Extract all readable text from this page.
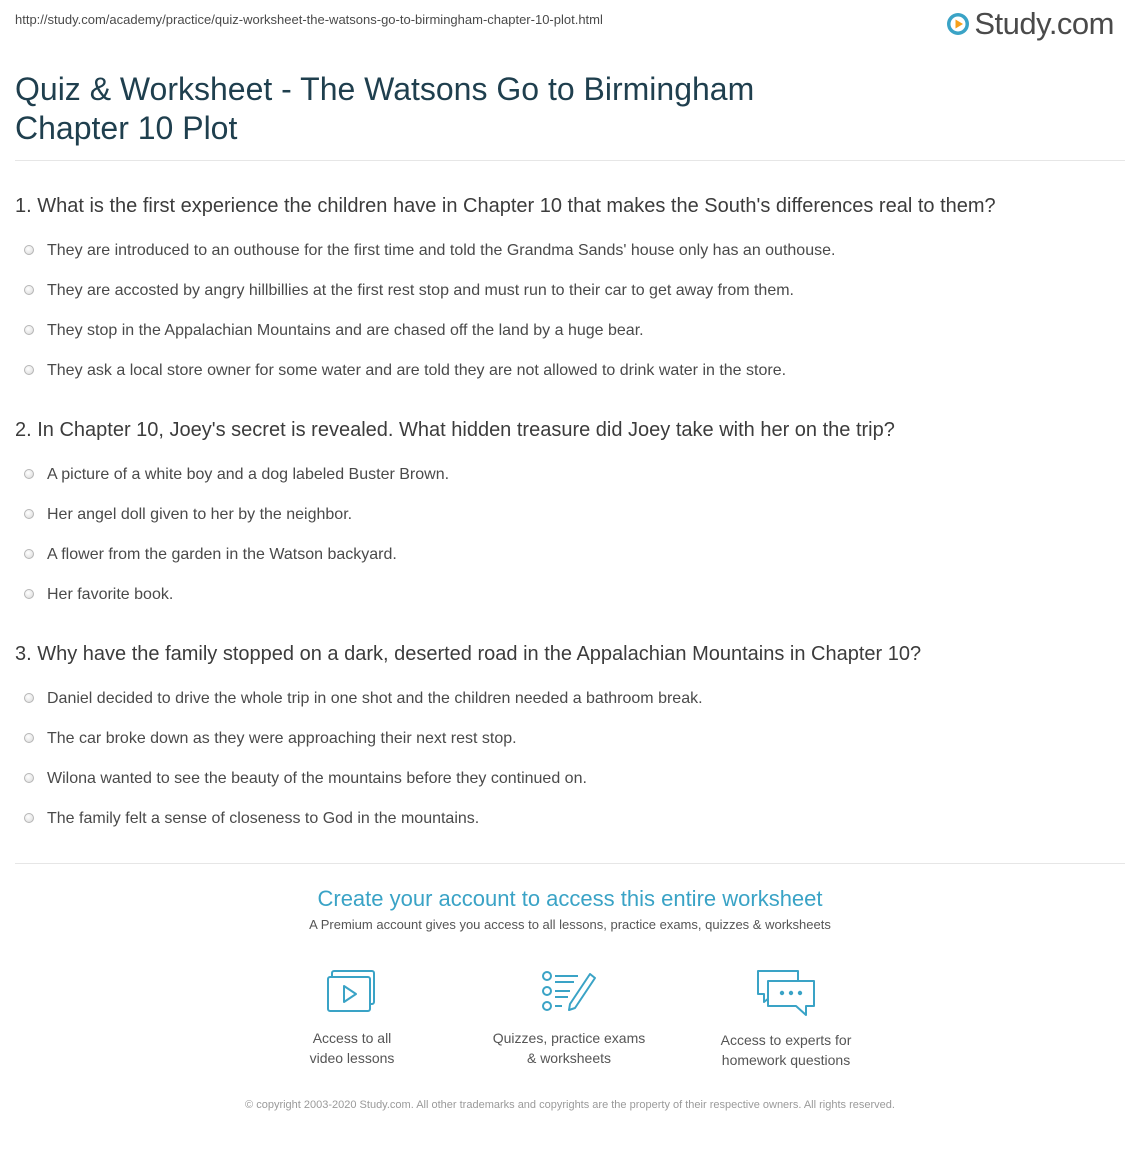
http://study.com/academy/practice/quiz-worksheet-the-watsons-go-to-birmingham-chapter-10-plot.html	Study.com
Quiz & Worksheet - The Watsons Go to Birmingham
Chapter 10 Plot

1. What is the first experience the children have in Chapter 10 that makes the South's differences real to them?

They are introduced to an outhouse for the first time and told the Grandma Sands' house only has an outhouse.
They are accosted by angry hillbillies at the first rest stop and must run to their car to get away from them.
They stop in the Appalachian Mountains and are chased off the land by a huge bear.
They ask a local store owner for some water and are told they are not allowed to drink water in the store.

2. In Chapter 10, Joey's secret is revealed. What hidden treasure did Joey take with her on the trip?

A picture of a white boy and a dog labeled Buster Brown.
Her angel doll given to her by the neighbor.
A flower from the garden in the Watson backyard.
Her favorite book.

3. Why have the family stopped on a dark, deserted road in the Appalachian Mountains in Chapter 10?

Daniel decided to drive the whole trip in one shot and the children needed a bathroom break.
The car broke down as they were approaching their next rest stop.
Wilona wanted to see the beauty of the mountains before they continued on.
The family felt a sense of closeness to God in the mountains.
Create your account to access this entire worksheet
A Premium account gives you access to all lessons, practice exams, quizzes & worksheets
Access to all
video lessons
Quizzes, practice exams
& worksheets
Access to experts for
homework questions
© copyright 2003-2020 Study.com. All other trademarks and copyrights are the property of their respective owners. All rights reserved.
